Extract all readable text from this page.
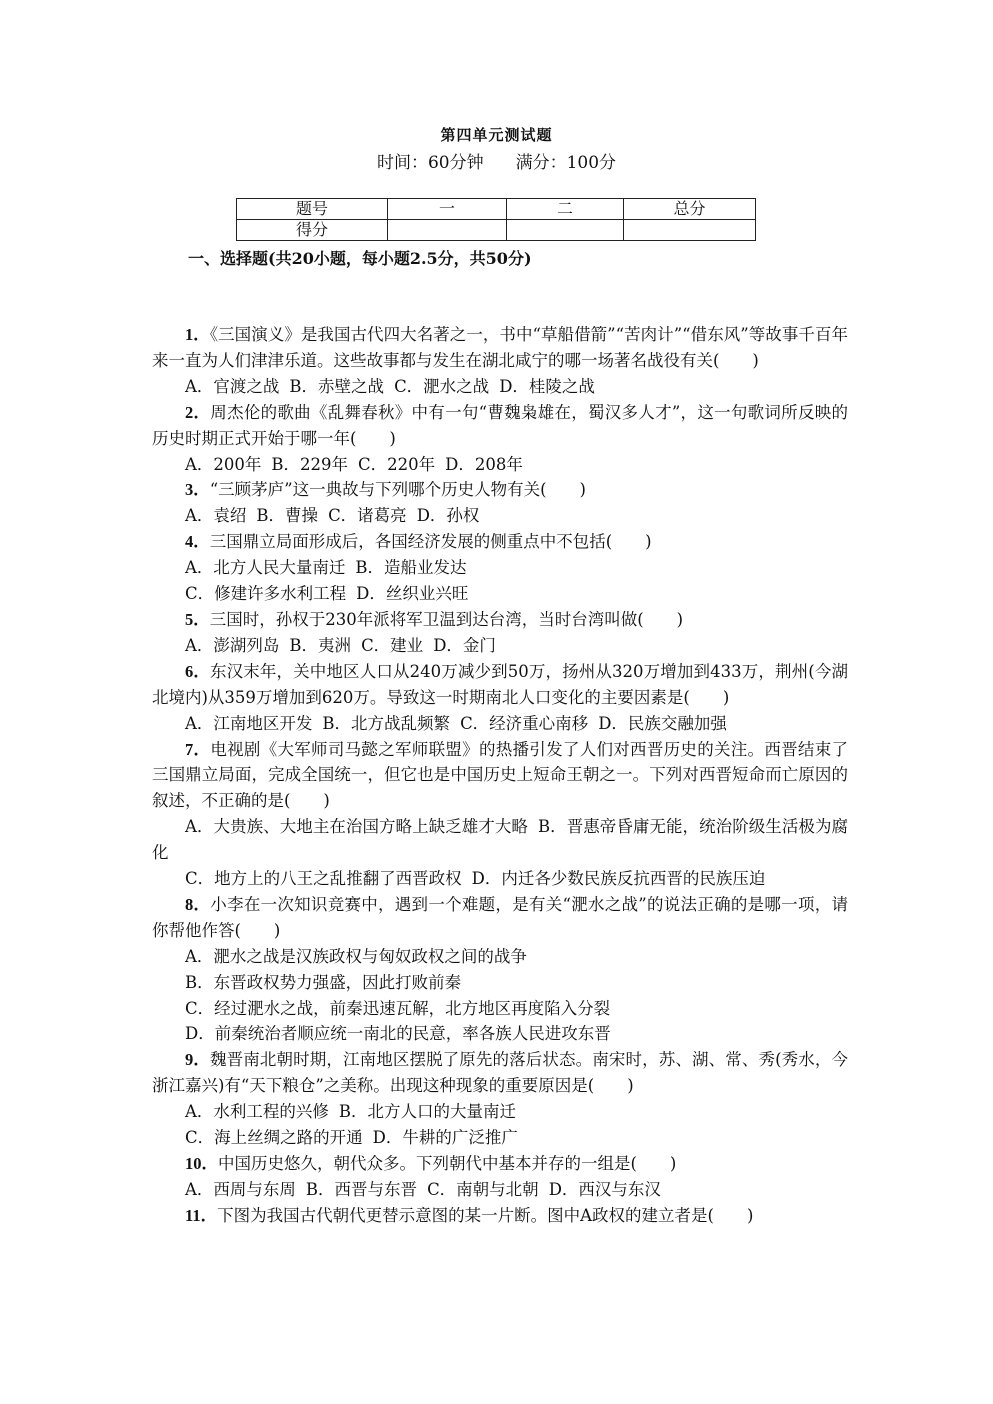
第四单元测试题
时间：60分钟 满分：100分
题号	一	二	总分
得分			
一、选择题(共20小题，每小题2.5分，共50分)

1．《三国演义》是我国古代四大名著之一，书中“草船借箭”“苦肉计”“借东风”等故事千百年来一直为人们津津乐道。这些故事都与发生在湖北咸宁的哪一场著名战役有关(　　)

A．官渡之战 B．赤壁之战 C．淝水之战 D．桂陵之战

2．周杰伦的歌曲《乱舞春秋》中有一句“曹魏枭雄在，蜀汉多人才”，这一句歌词所反映的历史时期正式开始于哪一年(　　)

A．200年 B．229年 C．220年 D．208年

3．“三顾茅庐”这一典故与下列哪个历史人物有关(　　)

A．袁绍 B．曹操 C．诸葛亮 D．孙权

4．三国鼎立局面形成后，各国经济发展的侧重点中不包括(　　)

A．北方人民大量南迁 B．造船业发达

C．修建许多水利工程 D．丝织业兴旺

5．三国时，孙权于230年派将军卫温到达台湾，当时台湾叫做(　　)

A．澎湖列岛 B．夷洲 C．建业 D．金门

6．东汉末年，关中地区人口从240万减少到50万，扬州从320万增加到433万，荆州(今湖北境内)从359万增加到620万。导致这一时期南北人口变化的主要因素是(　　)

A．江南地区开发 B．北方战乱频繁 C．经济重心南移 D．民族交融加强

7．电视剧《大军师司马懿之军师联盟》的热播引发了人们对西晋历史的关注。西晋结束了三国鼎立局面，完成全国统一，但它也是中国历史上短命王朝之一。下列对西晋短命而亡原因的叙述，不正确的是(　　)

A．大贵族、大地主在治国方略上缺乏雄才大略 B．晋惠帝昏庸无能，统治阶级生活极为腐化

C．地方上的八王之乱推翻了西晋政权 D．内迁各少数民族反抗西晋的民族压迫

8．小李在一次知识竞赛中，遇到一个难题，是有关“淝水之战”的说法正确的是哪一项，请你帮他作答(　　)

A．淝水之战是汉族政权与匈奴政权之间的战争

B．东晋政权势力强盛，因此打败前秦

C．经过淝水之战，前秦迅速瓦解，北方地区再度陷入分裂

D．前秦统治者顺应统一南北的民意，率各族人民进攻东晋

9．魏晋南北朝时期，江南地区摆脱了原先的落后状态。南宋时，苏、湖、常、秀(秀水，今浙江嘉兴)有“天下粮仓”之美称。出现这种现象的重要原因是(　　)

A．水利工程的兴修 B．北方人口的大量南迁

C．海上丝绸之路的开通 D．牛耕的广泛推广

10．中国历史悠久，朝代众多。下列朝代中基本并存的一组是(　　)

A．西周与东周 B．西晋与东晋 C．南朝与北朝 D．西汉与东汉

11．下图为我国古代朝代更替示意图的某一片断。图中A政权的建立者是(　　)
